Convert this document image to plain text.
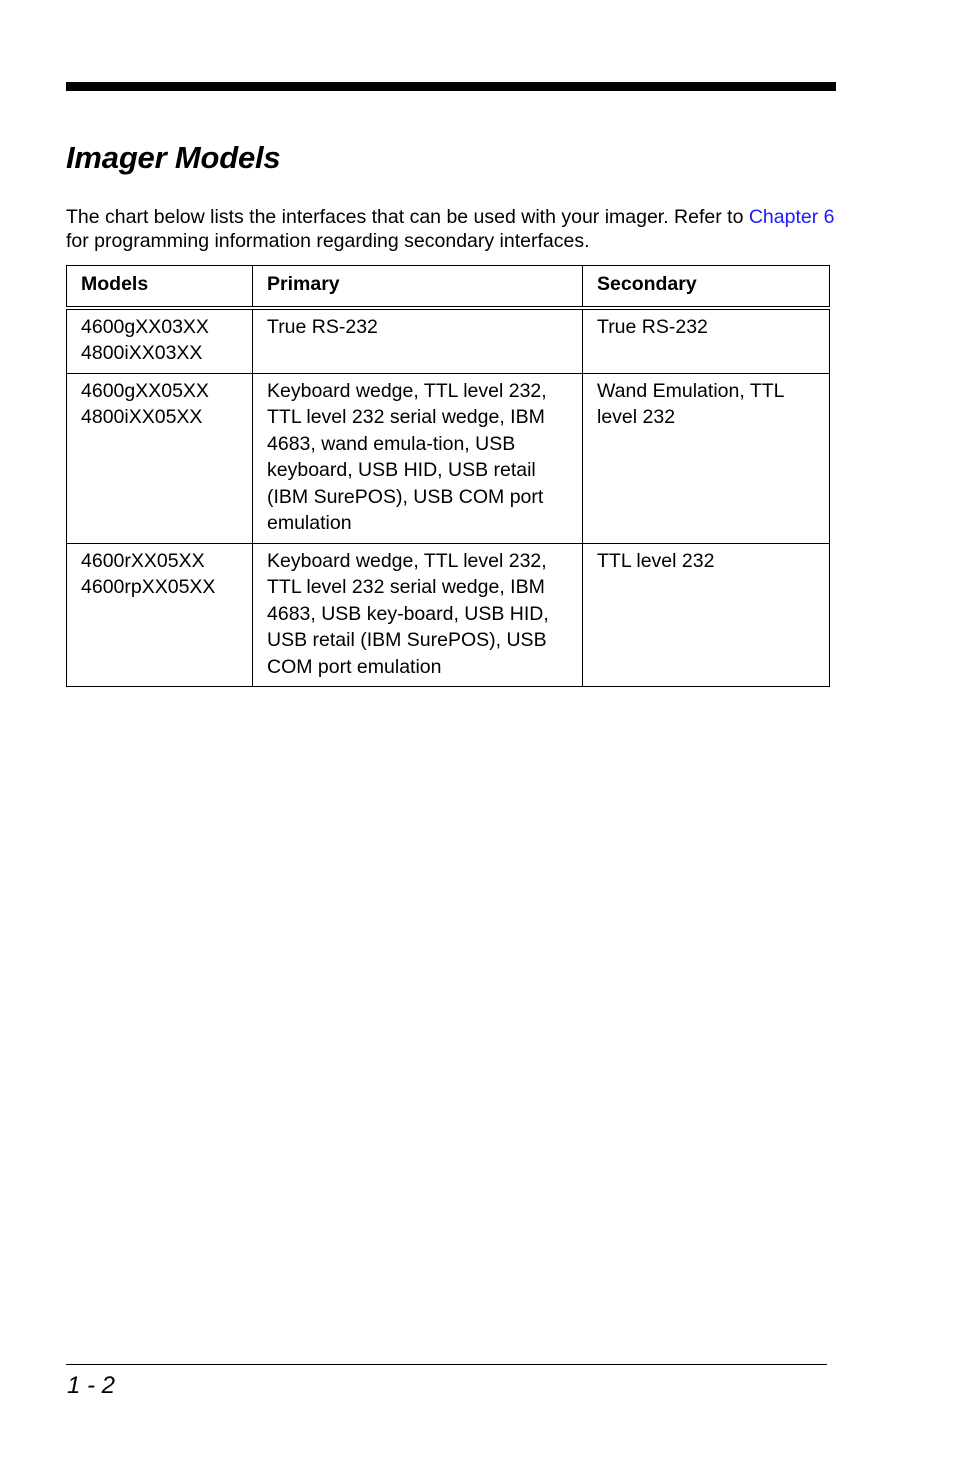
Imager Models

The chart below lists the interfaces that can be used with your imager. Refer to Chapter 6 for programming information regarding secondary interfaces.

Models	Primary	Secondary

4600gXX03XX
4800iXX03XX	True RS-232	True RS-232

4600gXX05XX
4800iXX05XX	Keyboard wedge, TTL level 232, TTL level 232 serial wedge, IBM 4683, wand emula-tion, USB keyboard, USB HID, USB retail (IBM SurePOS), USB COM port emulation	Wand Emulation, TTL level 232

4600rXX05XX
4600rpXX05XX	Keyboard wedge, TTL level 232, TTL level 232 serial wedge, IBM 4683, USB key-board, USB HID, USB retail (IBM SurePOS), USB COM port emulation	TTL level 232
1 - 2
